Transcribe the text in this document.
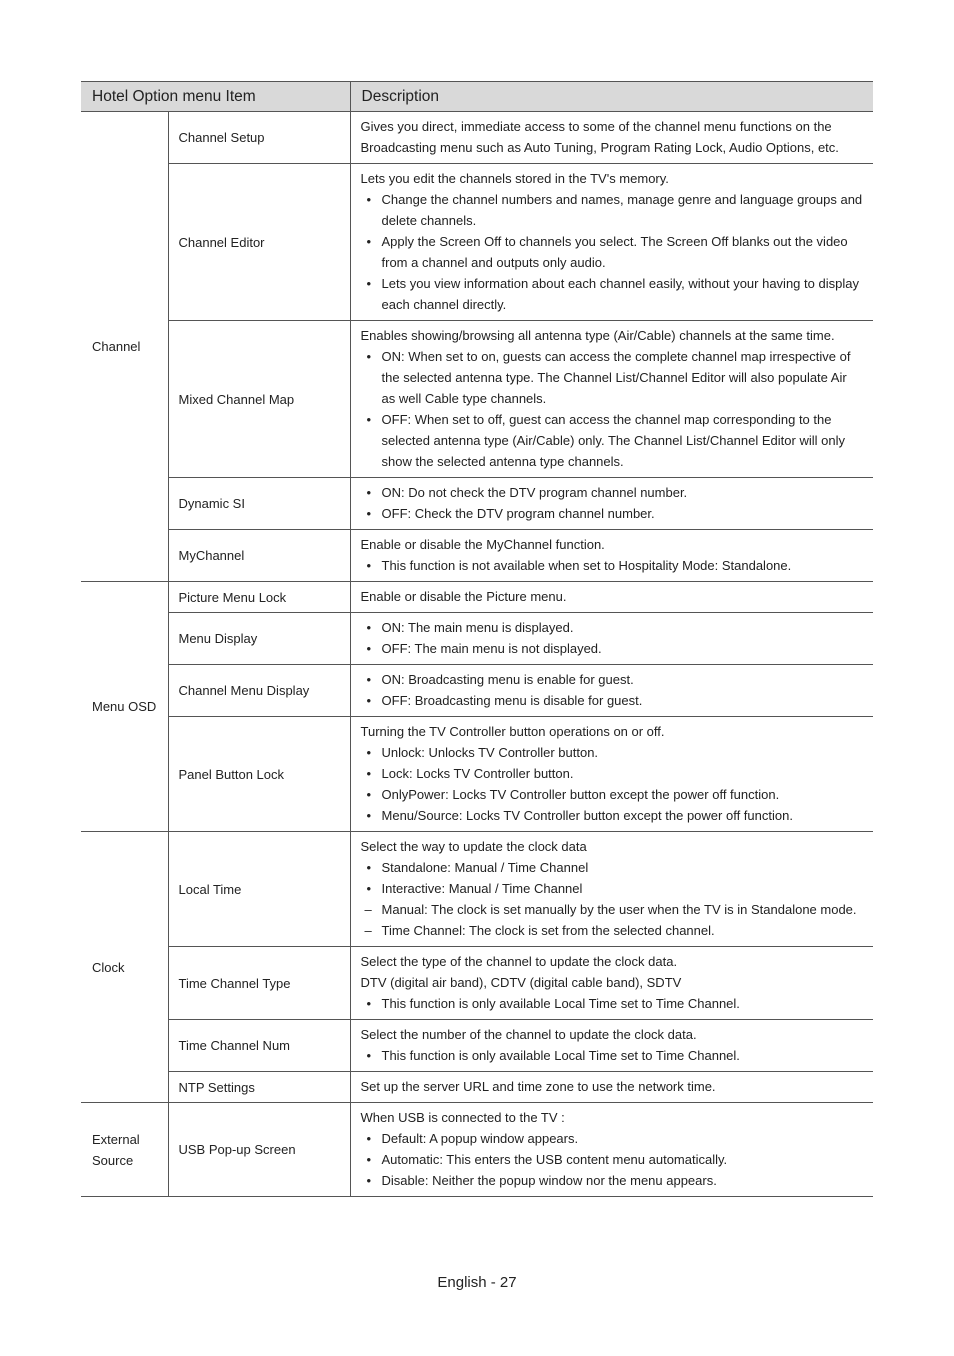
Hotel Option menu Item		Description
Channel	Channel Setup	Gives you direct, immediate access to some of the channel menu functions on the Broadcasting menu such as Auto Tuning, Program Rating Lock, Audio Options, etc.

	Channel Editor	Lets you edit the channels stored in the TV's memory.
• Change the channel numbers and names, manage genre and language groups and delete channels.
• Apply the Screen Off to channels you select. The Screen Off blanks out the video from a channel and outputs only audio.
• Lets you view information about each channel easily, without your having to display each channel directly.

	Mixed Channel Map	Enables showing/browsing all antenna type (Air/Cable) channels at the same time.
• ON: When set to on, guests can access the complete channel map irrespective of the selected antenna type. The Channel List/Channel Editor will also populate Air as well Cable type channels.
• OFF: When set to off, guest can access the channel map corresponding to the selected antenna type (Air/Cable) only. The Channel List/Channel Editor will only show the selected antenna type channels.

	Dynamic SI	• ON: Do not check the DTV program channel number.
• OFF: Check the DTV program channel number.

	MyChannel	Enable or disable the MyChannel function.
• This function is not available when set to Hospitality Mode: Standalone.

Menu OSD	Picture Menu Lock	Enable or disable the Picture menu.

	Menu Display	• ON: The main menu is displayed.
• OFF: The main menu is not displayed.

	Channel Menu Display	• ON: Broadcasting menu is enable for guest.
• OFF: Broadcasting menu is disable for guest.

	Panel Button Lock	Turning the TV Controller button operations on or off.
• Unlock: Unlocks TV Controller button.
• Lock: Locks TV Controller button.
• OnlyPower: Locks TV Controller button except the power off function.
• Menu/Source: Locks TV Controller button except the power off function.

Clock	Local Time	Select the way to update the clock data
• Standalone: Manual / Time Channel
• Interactive: Manual / Time Channel
– Manual: The clock is set manually by the user when the TV is in Standalone mode.
– Time Channel: The clock is set from the selected channel.

	Time Channel Type	Select the type of the channel to update the clock data.
DTV (digital air band), CDTV (digital cable band), SDTV
• This function is only available Local Time set to Time Channel.

	Time Channel Num	Select the number of the channel to update the clock data.
• This function is only available Local Time set to Time Channel.

	NTP Settings	Set up the server URL and time zone to use the network time.

External Source	USB Pop-up Screen	When USB is connected to the TV :
• Default: A popup window appears.
• Automatic: This enters the USB content menu automatically.
• Disable: Neither the popup window nor the menu appears.
English - 27
